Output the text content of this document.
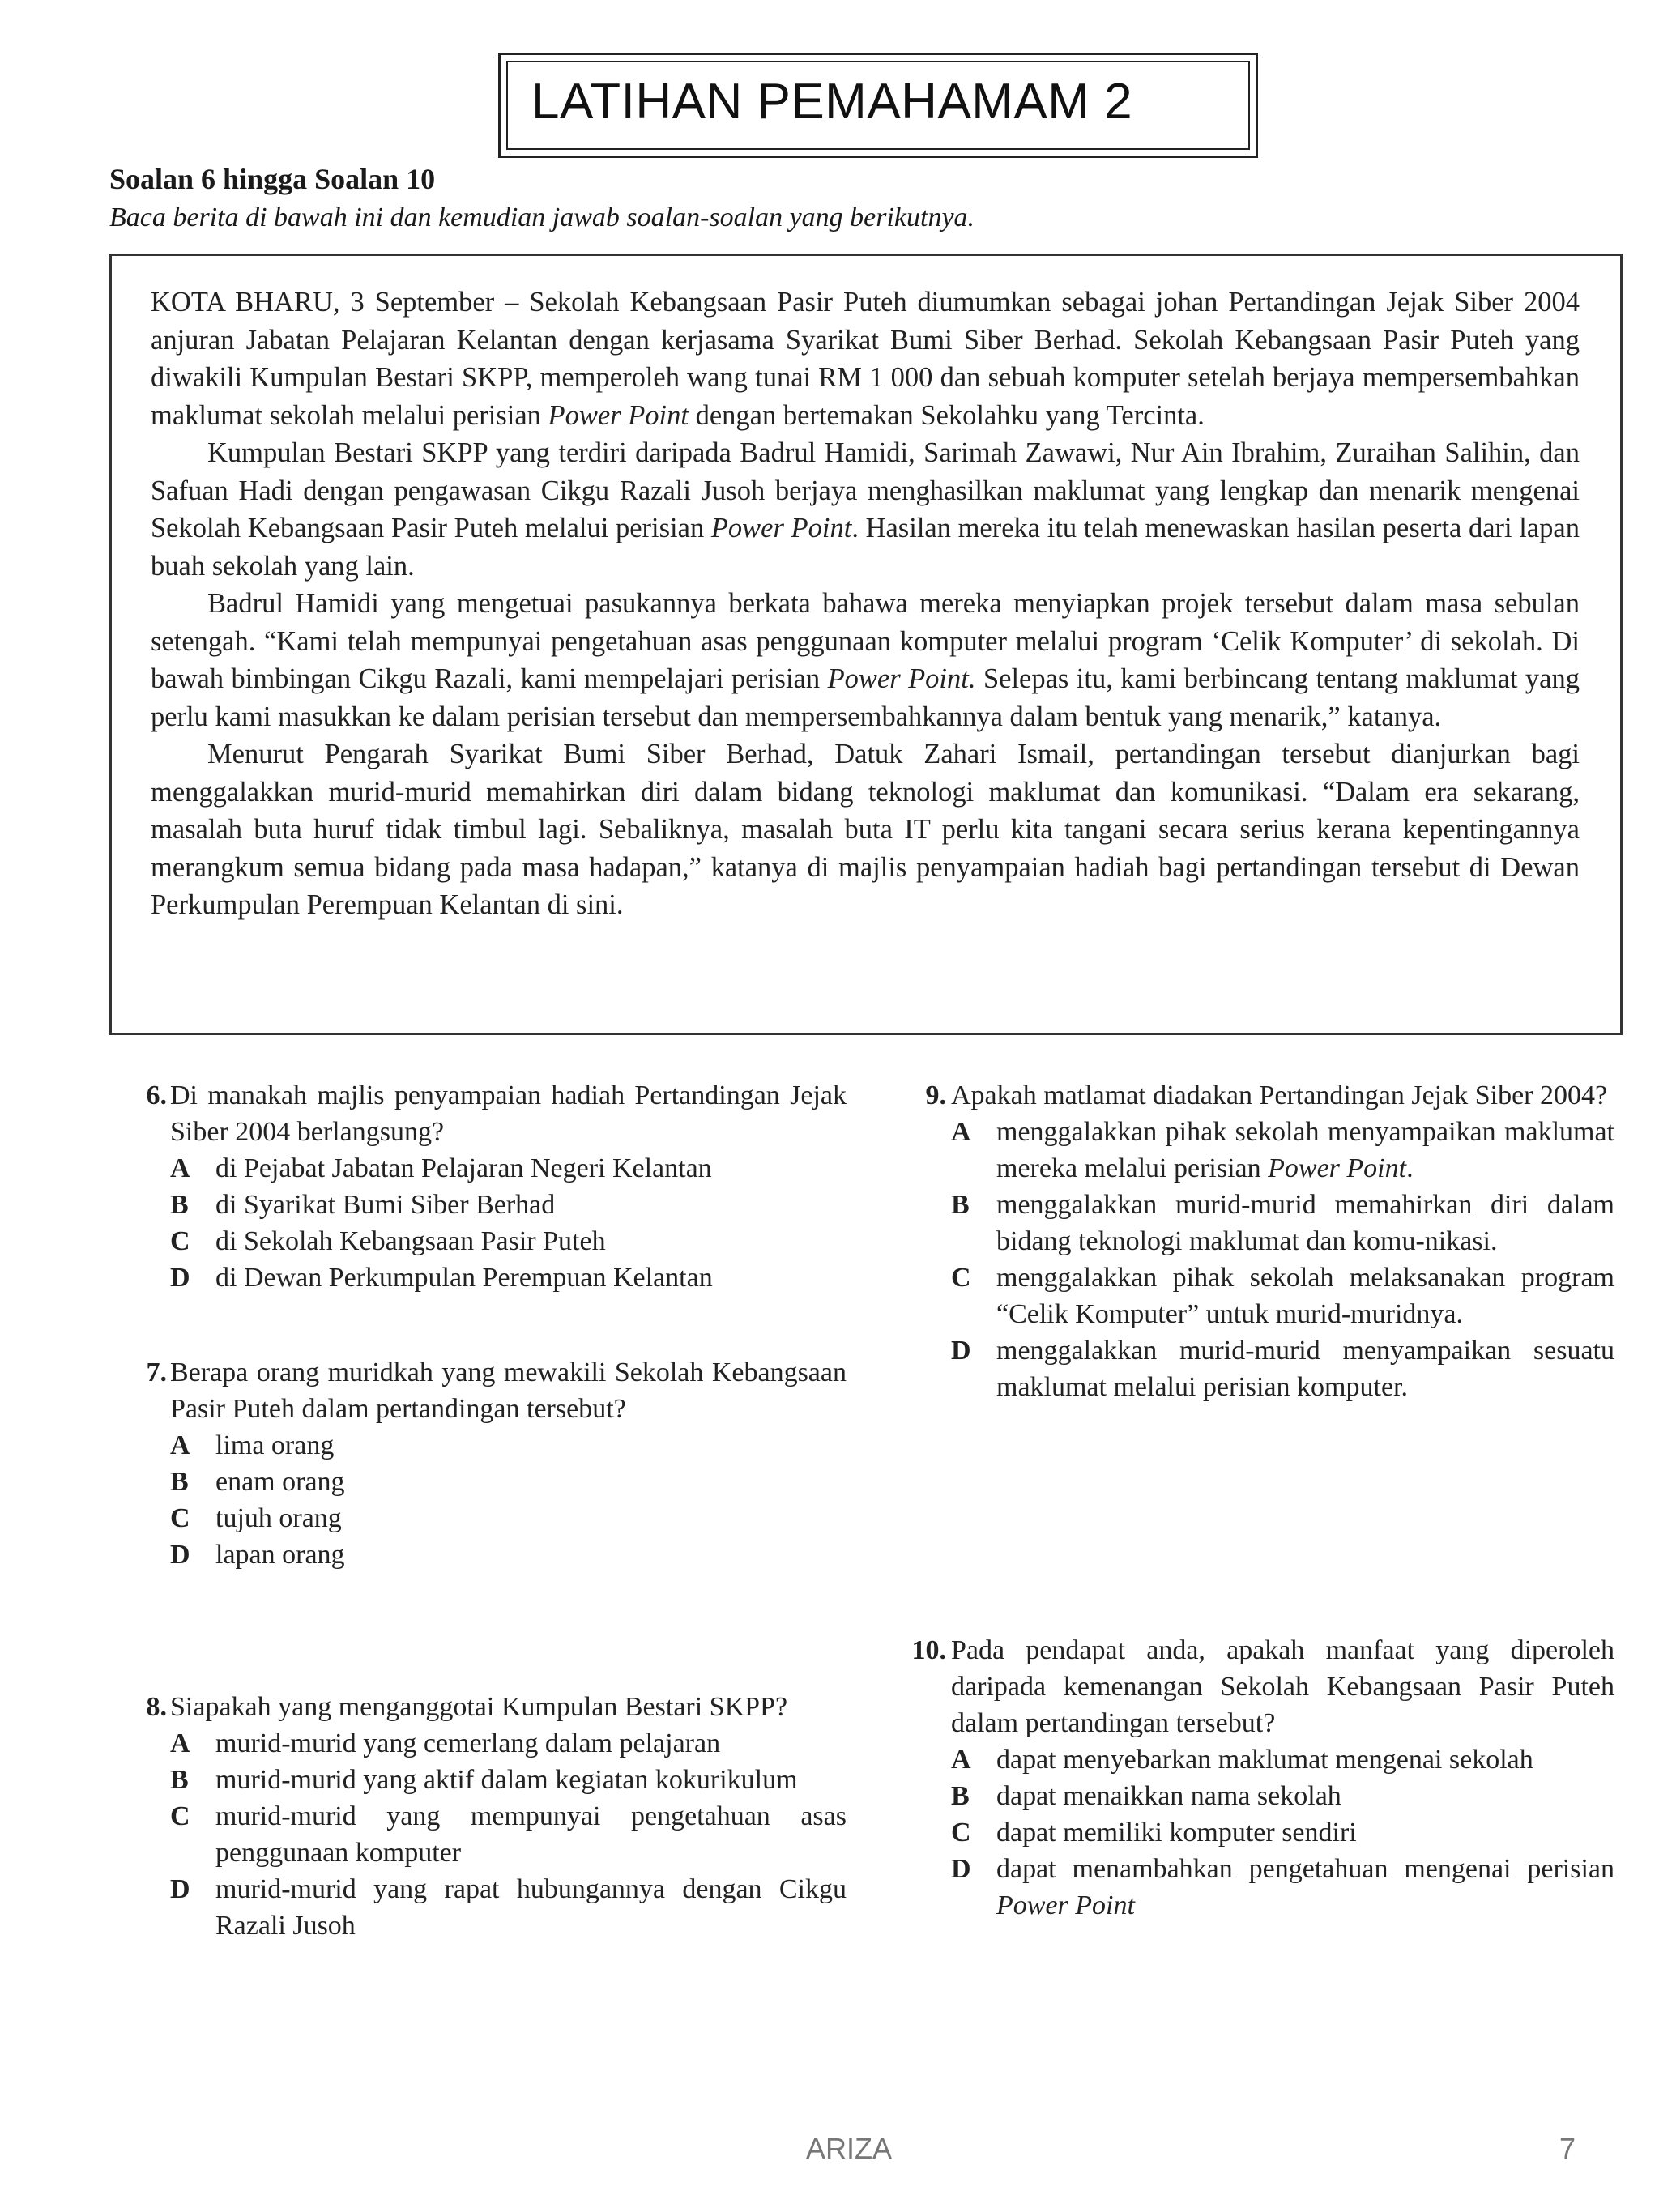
LATIHAN PEMAHAMAM 2
Soalan 6 hingga Soalan 10
Baca berita di bawah ini dan kemudian jawab soalan-soalan yang berikutnya.

KOTA BHARU, 3 September – Sekolah Kebangsaan Pasir Puteh diumumkan sebagai johan Pertandingan Jejak Siber 2004 anjuran Jabatan Pelajaran Kelantan dengan kerjasama Syarikat Bumi Siber Berhad. Sekolah Kebangsaan Pasir Puteh yang diwakili Kumpulan Bestari SKPP, memperoleh wang tunai RM 1 000 dan sebuah komputer setelah berjaya mempersembahkan maklumat sekolah melalui perisian Power Point dengan bertemakan Sekolahku yang Tercinta.

Kumpulan Bestari SKPP yang terdiri daripada Badrul Hamidi, Sarimah Zawawi, Nur Ain Ibrahim, Zuraihan Salihin, dan Safuan Hadi dengan pengawasan Cikgu Razali Jusoh berjaya menghasilkan maklumat yang lengkap dan menarik mengenai Sekolah Kebangsaan Pasir Puteh melalui perisian Power Point. Hasilan mereka itu telah menewaskan hasilan peserta dari lapan buah sekolah yang lain.

Badrul Hamidi yang mengetuai pasukannya berkata bahawa mereka menyiapkan projek tersebut dalam masa sebulan setengah. “Kami telah mempunyai pengetahuan asas penggunaan komputer melalui program ‘Celik Komputer’ di sekolah. Di bawah bimbingan Cikgu Razali, kami mempelajari perisian Power Point. Selepas itu, kami berbincang tentang maklumat yang perlu kami masukkan ke dalam perisian tersebut dan mempersembahkannya dalam bentuk yang menarik,” katanya.

Menurut Pengarah Syarikat Bumi Siber Berhad, Datuk Zahari Ismail, pertandingan tersebut dianjurkan bagi menggalakkan murid-murid memahirkan diri dalam bidang teknologi maklumat dan komunikasi. “Dalam era sekarang, masalah buta huruf tidak timbul lagi. Sebaliknya, masalah buta IT perlu kita tangani secara serius kerana kepentingannya merangkum semua bidang pada masa hadapan,” katanya di majlis penyampaian hadiah bagi pertandingan tersebut di Dewan Perkumpulan Perempuan Kelantan di sini.

6. Di manakah majlis penyampaian hadiah Pertandingan Jejak Siber 2004 berlangsung?
A di Pejabat Jabatan Pelajaran Negeri Kelantan
B di Syarikat Bumi Siber Berhad
C di Sekolah Kebangsaan Pasir Puteh
D di Dewan Perkumpulan Perempuan Kelantan
7. Berapa orang muridkah yang mewakili Sekolah Kebangsaan Pasir Puteh dalam pertandingan tersebut?
A lima orang
B enam orang
C tujuh orang
D lapan orang
8. Siapakah yang menganggotai Kumpulan Bestari SKPP?
A murid-murid yang cemerlang dalam pelajaran
B murid-murid yang aktif dalam kegiatan kokurikulum
C murid-murid yang mempunyai pengetahuan asas penggunaan komputer
D murid-murid yang rapat hubungannya dengan Cikgu Razali Jusoh
9. Apakah matlamat diadakan Pertandingan Jejak Siber 2004?
A menggalakkan pihak sekolah menyampaikan maklumat mereka melalui perisian Power Point.
B menggalakkan murid-murid memahirkan diri dalam bidang teknologi maklumat dan komu-nikasi.
C menggalakkan pihak sekolah melaksanakan program “Celik Komputer” untuk murid-muridnya.
D menggalakkan murid-murid menyampaikan sesuatu maklumat melalui perisian komputer.
10. Pada pendapat anda, apakah manfaat yang diperoleh daripada kemenangan Sekolah Kebangsaan Pasir Puteh dalam pertandingan tersebut?
A dapat menyebarkan maklumat mengenai sekolah
B dapat menaikkan nama sekolah
C dapat memiliki komputer sendiri
D dapat menambahkan pengetahuan mengenai perisian Power Point
ARIZA	7
